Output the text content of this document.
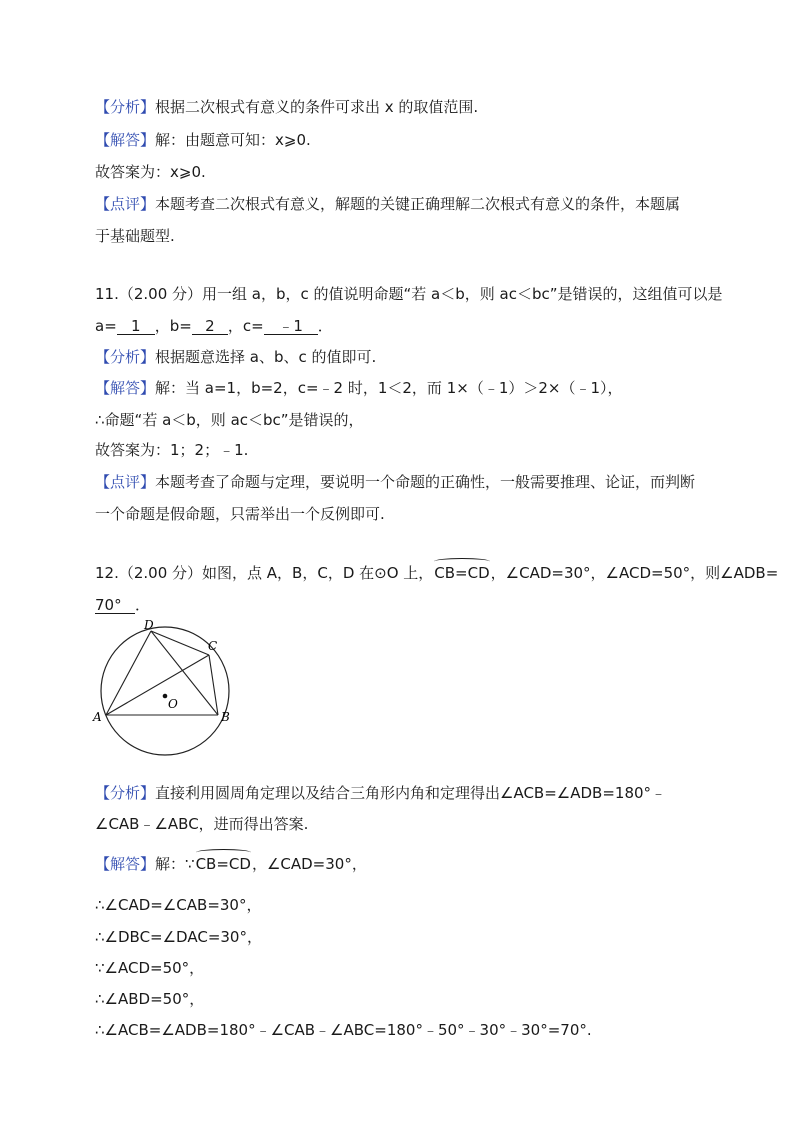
【分析】根据二次根式有意义的条件可求出 x 的取值范围.
【解答】解：由题意可知：x⩾0.
故答案为：x⩾0.
【点评】本题考查二次根式有意义，解题的关键正确理解二次根式有意义的条件，本题属
于基础题型.
11.（2.00 分）用一组 a，b，c 的值说明命题“若 a＜b，则 ac＜bc”是错误的，这组值可以是
a= 1 ，b= 2 ，c= ﹣1 ．
【分析】根据题意选择 a、b、c 的值即可.
【解答】解：当 a=1，b=2，c=﹣2 时，1＜2，而 1×（﹣1）＞2×（﹣1），
∴命题“若 a＜b，则 ac＜bc”是错误的，
故答案为：1；2；﹣1.
【点评】本题考查了命题与定理，要说明一个命题的正确性，一般需要推理、论证，而判断
一个命题是假命题，只需举出一个反例即可.
12.（2.00 分）如图，点 A，B，C，D 在⊙O 上，CB=CD，∠CAD=30°，∠ACD=50°，则∠ADB=
70° ．
O
A	B
C
D
【分析】直接利用圆周角定理以及结合三角形内角和定理得出∠ACB=∠ADB=180°﹣
∠CAB﹣∠ABC，进而得出答案.
【解答】解：∵CB=CD，∠CAD=30°，
∴∠CAD=∠CAB=30°，
∴∠DBC=∠DAC=30°，
∵∠ACD=50°，
∴∠ABD=50°，
∴∠ACB=∠ADB=180°﹣∠CAB﹣∠ABC=180°﹣50°﹣30°﹣30°=70°.
